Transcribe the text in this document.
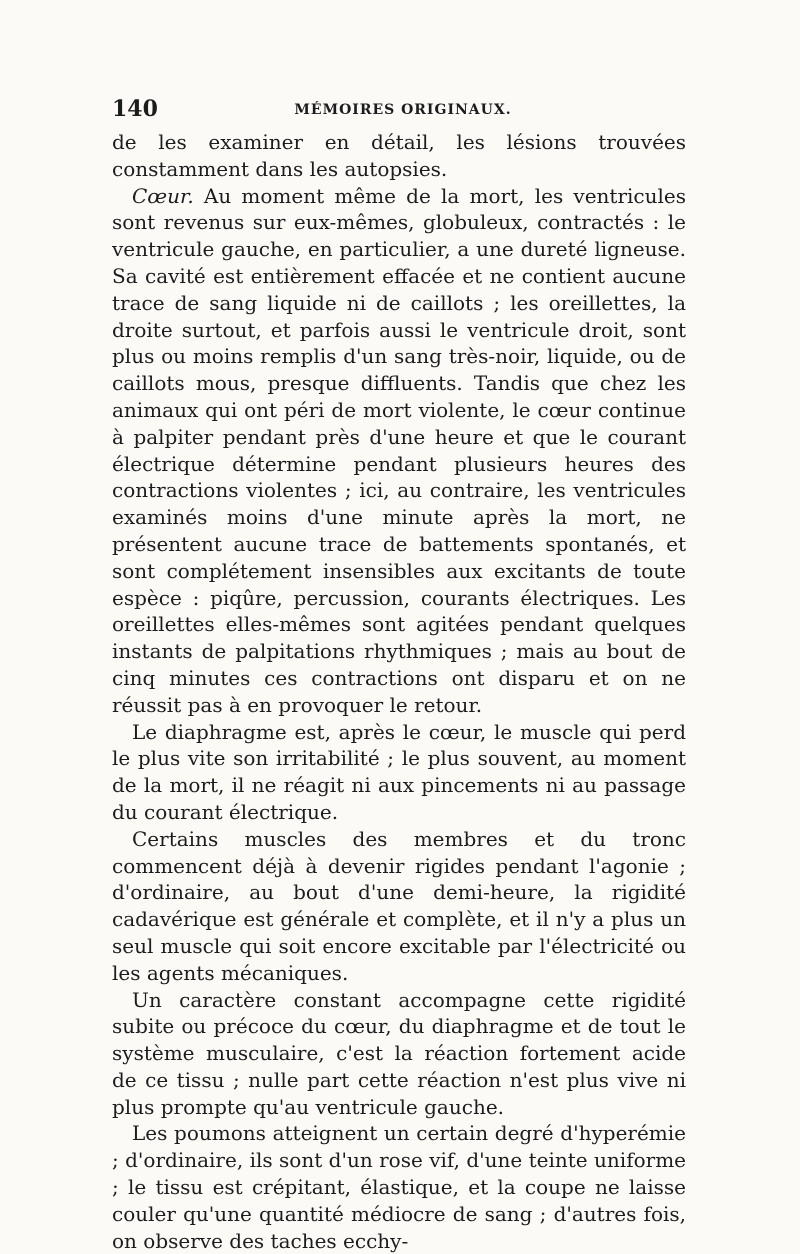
140	MÉMOIRES ORIGINAUX.

de les examiner en détail, les lésions trouvées constamment dans les autopsies.

Cœur. Au moment même de la mort, les ventricules sont revenus sur eux-mêmes, globuleux, contractés : le ventricule gauche, en particulier, a une dureté ligneuse. Sa cavité est entièrement effacée et ne contient aucune trace de sang liquide ni de caillots ; les oreillettes, la droite surtout, et parfois aussi le ventricule droit, sont plus ou moins remplis d'un sang très-noir, liquide, ou de caillots mous, presque diffluents. Tandis que chez les animaux qui ont péri de mort violente, le cœur continue à palpiter pendant près d'une heure et que le courant électrique détermine pendant plusieurs heures des contractions violentes ; ici, au contraire, les ventricules examinés moins d'une minute après la mort, ne présentent aucune trace de battements spontanés, et sont complétement insensibles aux excitants de toute espèce : piqûre, percussion, courants électriques. Les oreillettes elles-mêmes sont agitées pendant quelques instants de palpitations rhythmiques ; mais au bout de cinq minutes ces contractions ont disparu et on ne réussit pas à en provoquer le retour.

Le diaphragme est, après le cœur, le muscle qui perd le plus vite son irritabilité ; le plus souvent, au moment de la mort, il ne réagit ni aux pincements ni au passage du courant électrique.

Certains muscles des membres et du tronc commencent déjà à devenir rigides pendant l'agonie ; d'ordinaire, au bout d'une demi-heure, la rigidité cadavérique est générale et complète, et il n'y a plus un seul muscle qui soit encore excitable par l'électricité ou les agents mécaniques.

Un caractère constant accompagne cette rigidité subite ou précoce du cœur, du diaphragme et de tout le système musculaire, c'est la réaction fortement acide de ce tissu ; nulle part cette réaction n'est plus vive ni plus prompte qu'au ventricule gauche.

Les poumons atteignent un certain degré d'hyperémie ; d'ordinaire, ils sont d'un rose vif, d'une teinte uniforme ; le tissu est crépitant, élastique, et la coupe ne laisse couler qu'une quantité médiocre de sang ; d'autres fois, on observe des taches ecchy-
